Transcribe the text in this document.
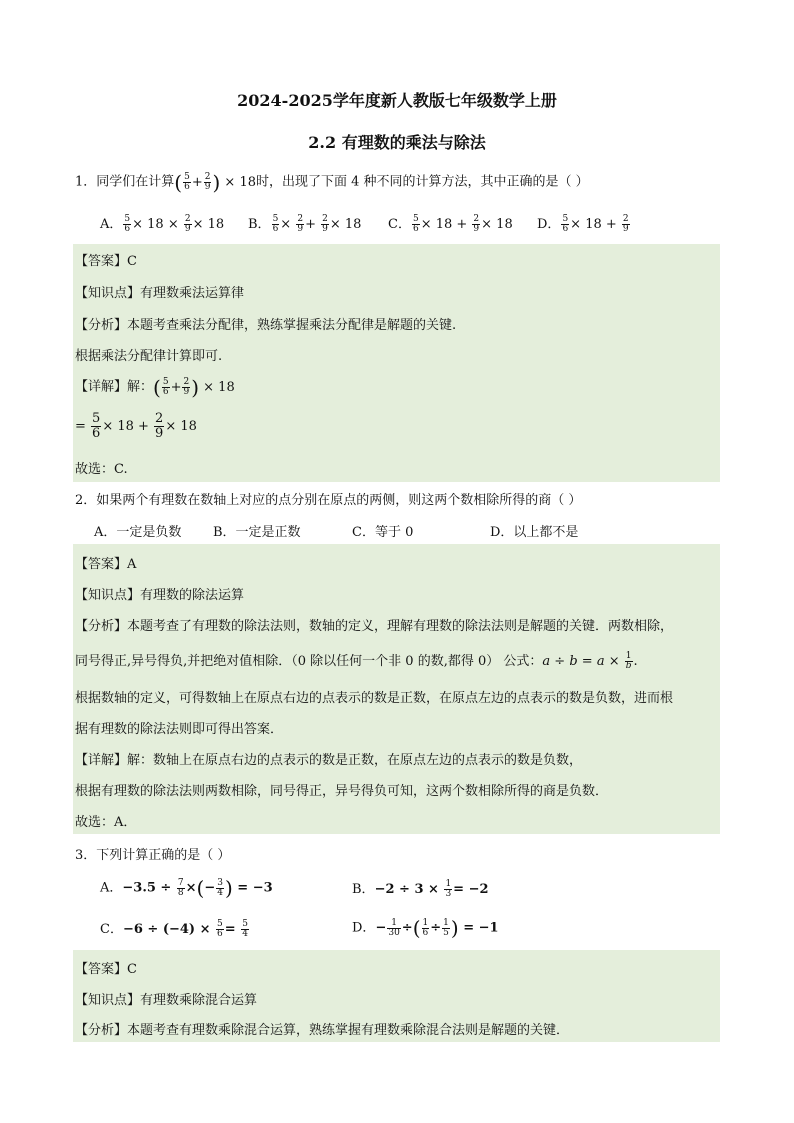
2024-2025学年度新人教版七年级数学上册
2.2 有理数的乘法与除法
1．同学们在计算( $\frac{5}{6} + \frac{2}{9}$ ) × 18时，出现了下面 4 种不同的计算方法，其中正确的是（ ）
A． $\frac{5}{6} \times 18 \times \frac{2}{9} \times 18$ B． $\frac{5}{6} \times \frac{2}{9} + \frac{2}{9} \times 18$ C． $\frac{5}{6} \times 18 + \frac{2}{9} \times 18$ D． $\frac{5}{6} \times 18 + \frac{2}{9}$
【答案】C
【知识点】有理数乘法运算律
【分析】本题考查乘法分配律，熟练掌握乘法分配律是解题的关键.
根据乘法分配律计算即可.
【详解】解：( $\frac{5}{6} + \frac{2}{9}$ ) × 18
= $\frac{5}{6} \times 18 + \frac{2}{9} \times 18$
故选：C.
2．如果两个有理数在数轴上对应的点分别在原点的两侧，则这两个数相除所得的商（ ）
A．一定是负数 B．一定是正数	C．等于 0	D．以上都不是
【答案】A
【知识点】有理数的除法运算
【分析】本题考查了有理数的除法法则，数轴的定义，理解有理数的除法法则是解题的关键．两数相除，
同号得正,异号得负,并把绝对值相除．（0 除以任何一个非 0 的数,都得 0） 公式：$a \div b = a \times \frac{1}{b}$ .
根据数轴的定义，可得数轴上在原点右边的点表示的数是正数，在原点左边的点表示的数是负数，进而根
据有理数的除法法则即可得出答案．
【详解】解：数轴上在原点右边的点表示的数是正数，在原点左边的点表示的数是负数，
根据有理数的除法法则两数相除，同号得正，异号得负可知，这两个数相除所得的商是负数．
故选：A．
3．下列计算正确的是（ ）
A．$-3.5 \div \frac{7}{8}$ ×(− $\frac{3}{4}$ ) = −3	B．$-2 \div 3 \times \frac{1}{3} = -2$
C．$-6 \div (-4) \times \frac{5}{6} = \frac{5}{4}$	D．− $\frac{1}{30}$ ÷( $\frac{1}{6} \div \frac{1}{5}$ ) = −1
【答案】C
【知识点】有理数乘除混合运算
【分析】本题考查有理数乘除混合运算，熟练掌握有理数乘除混合法则是解题的关键．
